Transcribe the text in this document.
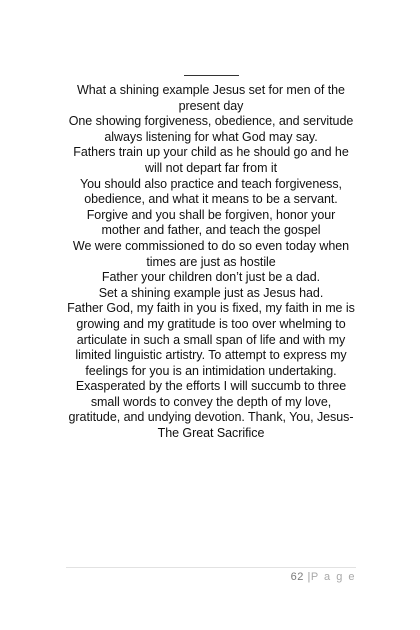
What a shining example Jesus set for men of the present day
One showing forgiveness, obedience, and servitude always listening for what God may say.
Fathers train up your child as he should go and he will not depart far from it
You should also practice and teach forgiveness, obedience, and what it means to be a servant.
Forgive and you shall be forgiven, honor your mother and father, and teach the gospel
We were commissioned to do so even today when times are just as hostile
Father your children don’t just be a dad.
Set a shining example just as Jesus had.
Father God, my faith in you is fixed, my faith in me is growing and my gratitude is too over whelming to articulate in such a small span of life and with my limited linguistic artistry. To attempt to express my feelings for you is an intimidation undertaking. Exasperated by the efforts I will succumb to three small words to convey the depth of my love, gratitude, and undying devotion. Thank, You, Jesus- The Great Sacrifice
62 |P a g e
